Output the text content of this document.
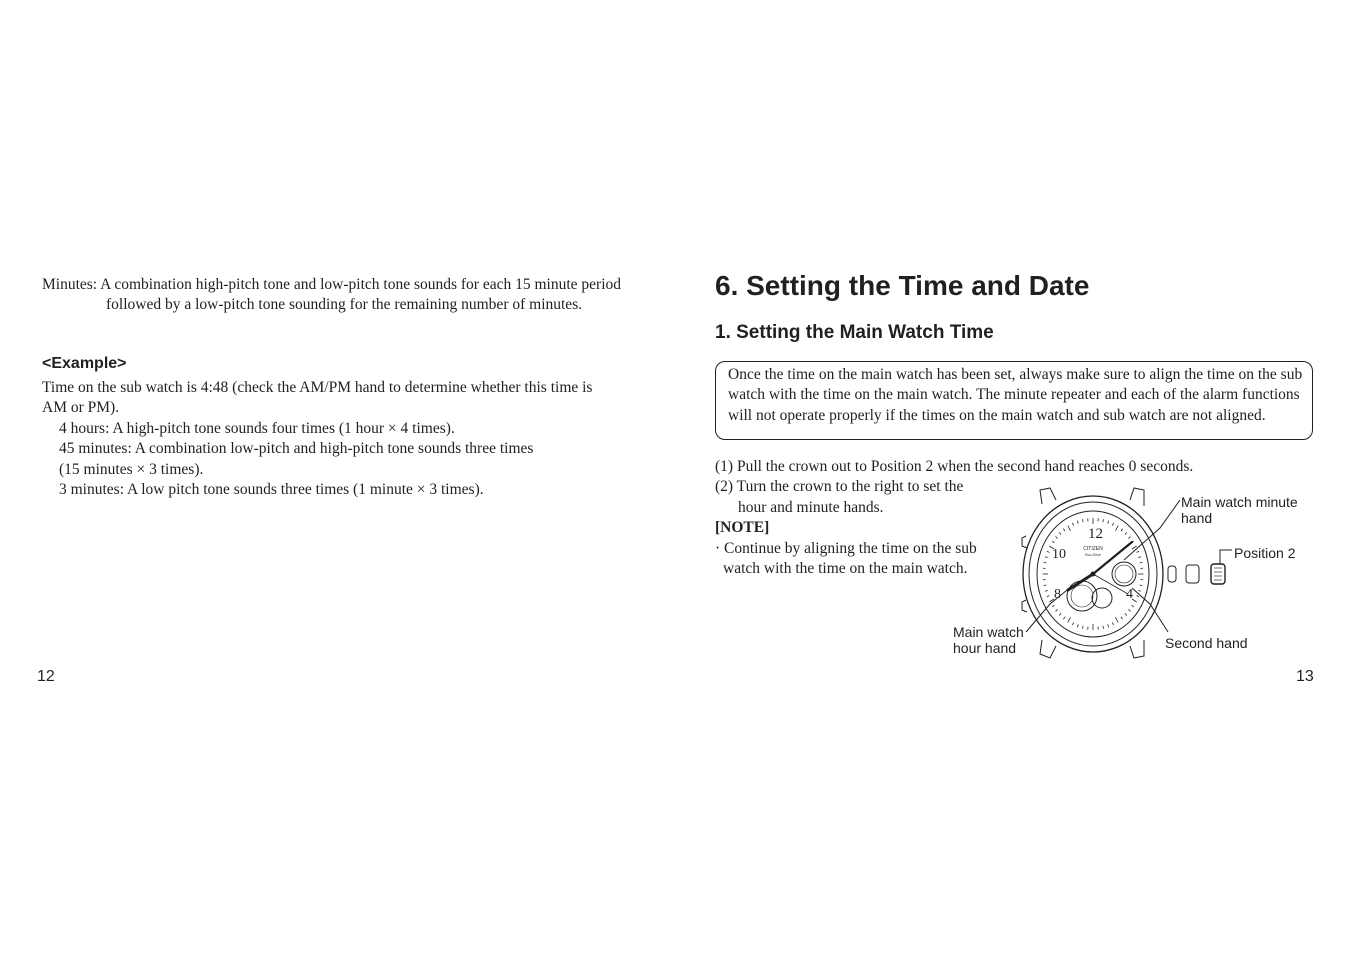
Minutes: A combination high-pitch tone and low-pitch tone sounds for each 15 minute period followed by a low-pitch tone sounding for the remaining number of minutes.
<Example>
Time on the sub watch is 4:48 (check the AM/PM hand to determine whether this time is
AM or PM).
4 hours: A high-pitch tone sounds four times (1 hour × 4 times).
45 minutes: A combination low-pitch and high-pitch tone sounds three times
(15 minutes × 3 times).
3 minutes: A low pitch tone sounds three times (1 minute × 3 times).
12
6. Setting the Time and Date
1. Setting the Main Watch Time
Once the time on the main watch has been set, always make sure to align the time on the sub watch with the time on the main watch. The minute repeater and each of the alarm functions will not operate properly if the times on the main watch and sub watch are not aligned.
(1) Pull the crown out to Position 2 when the second hand reaches 0 seconds.
(2) Turn the crown to the right to set the
hour and minute hands.
[NOTE]
· Continue by aligning the time on the sub
watch with the time on the main watch.
12
10
8	4
CITIZEN
Eco-Drive
Main watch minute
hand
Position 2
Main watch
hour hand	Second hand
13
